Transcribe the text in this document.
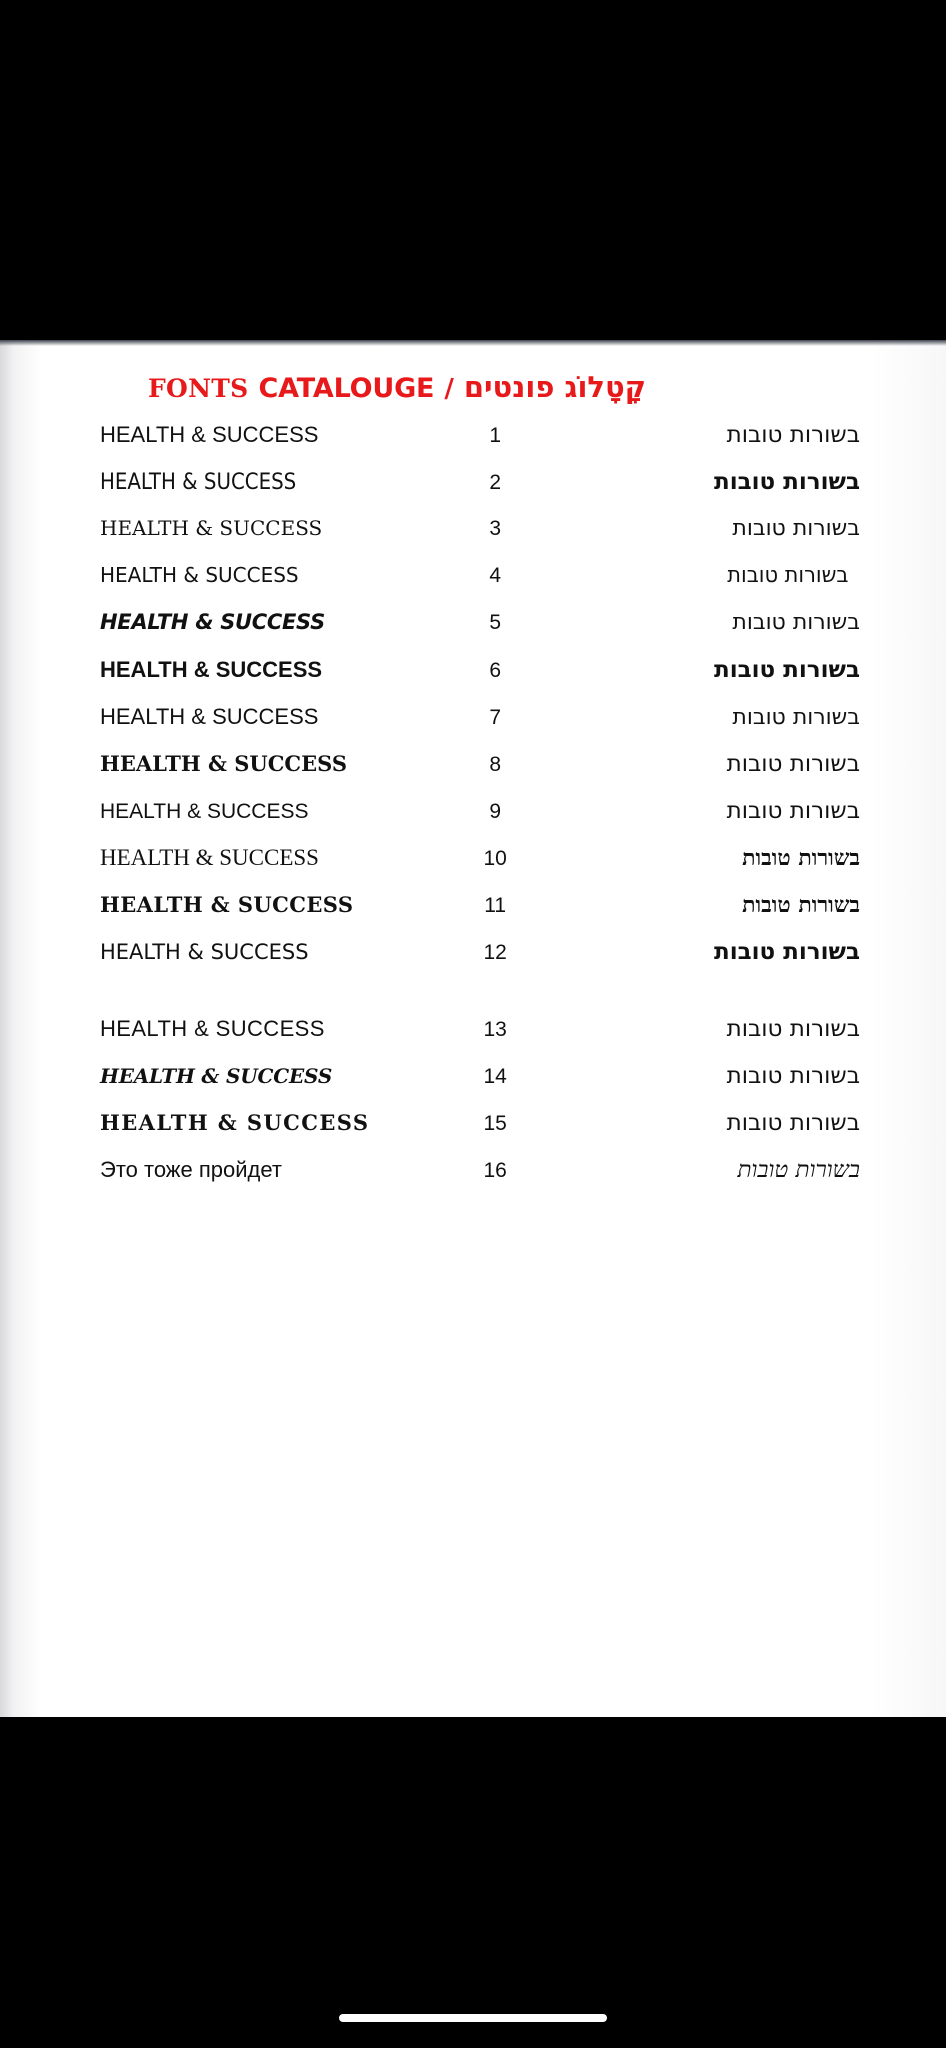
FONTS CATALOUGE / קָטָלוֹג פונטים
HEALTH & SUCCESS	1	בשורות טובות
HEALTH & SUCCESS	2	בשורות טובות
HEALTH & SUCCESS	3	בשורות טובות
HEALTH & SUCCESS	4		בשורות טובות
HEALTH & SUCCESS	5	בשורות טובות
HEALTH & SUCCESS	6	בשורות טובות
HEALTH & SUCCESS	7	בשורות טובות
HEALTH & SUCCESS	8	בשורות טובות
HEALTH & SUCCESS	9	בשורות טובות
HEALTH & SUCCESS	10	בשורות טובות
HEALTH & SUCCESS	11	בשורות טובות
HEALTH & SUCCESS	12	בשורות טובות

HEALTH & SUCCESS	13	בשורות טובות
HEALTH & SUCCESS	14	בשורות טובות
HEALTH & SUCCESS	15	בשורות טובות
Это тоже пройдет	16	בשורות טובות
